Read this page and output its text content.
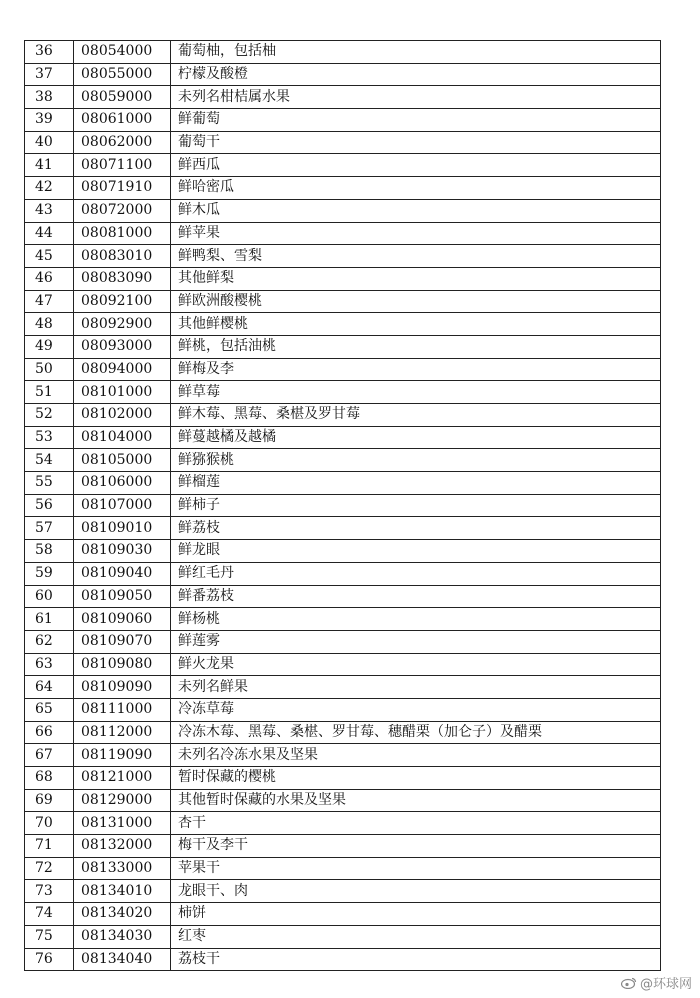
36	08054000	葡萄柚，包括柚
37	08055000	柠檬及酸橙
38	08059000	未列名柑桔属水果
39	08061000	鲜葡萄
40	08062000	葡萄干
41	08071100	鲜西瓜
42	08071910	鲜哈密瓜
43	08072000	鲜木瓜
44	08081000	鲜苹果
45	08083010	鲜鸭梨、雪梨
46	08083090	其他鲜梨
47	08092100	鲜欧洲酸樱桃
48	08092900	其他鲜樱桃
49	08093000	鲜桃，包括油桃
50	08094000	鲜梅及李
51	08101000	鲜草莓
52	08102000	鲜木莓、黑莓、桑椹及罗甘莓
53	08104000	鲜蔓越橘及越橘
54	08105000	鲜猕猴桃
55	08106000	鲜榴莲
56	08107000	鲜柿子
57	08109010	鲜荔枝
58	08109030	鲜龙眼
59	08109040	鲜红毛丹
60	08109050	鲜番荔枝
61	08109060	鲜杨桃
62	08109070	鲜莲雾
63	08109080	鲜火龙果
64	08109090	未列名鲜果
65	08111000	冷冻草莓
66	08112000	冷冻木莓、黑莓、桑椹、罗甘莓、穗醋栗（加仑子）及醋栗
67	08119090	未列名冷冻水果及坚果
68	08121000	暂时保藏的樱桃
69	08129000	其他暂时保藏的水果及坚果
70	08131000	杏干
71	08132000	梅干及李干
72	08133000	苹果干
73	08134010	龙眼干、肉
74	08134020	柿饼
75	08134030	红枣
76	08134040	荔枝干
@环球网
